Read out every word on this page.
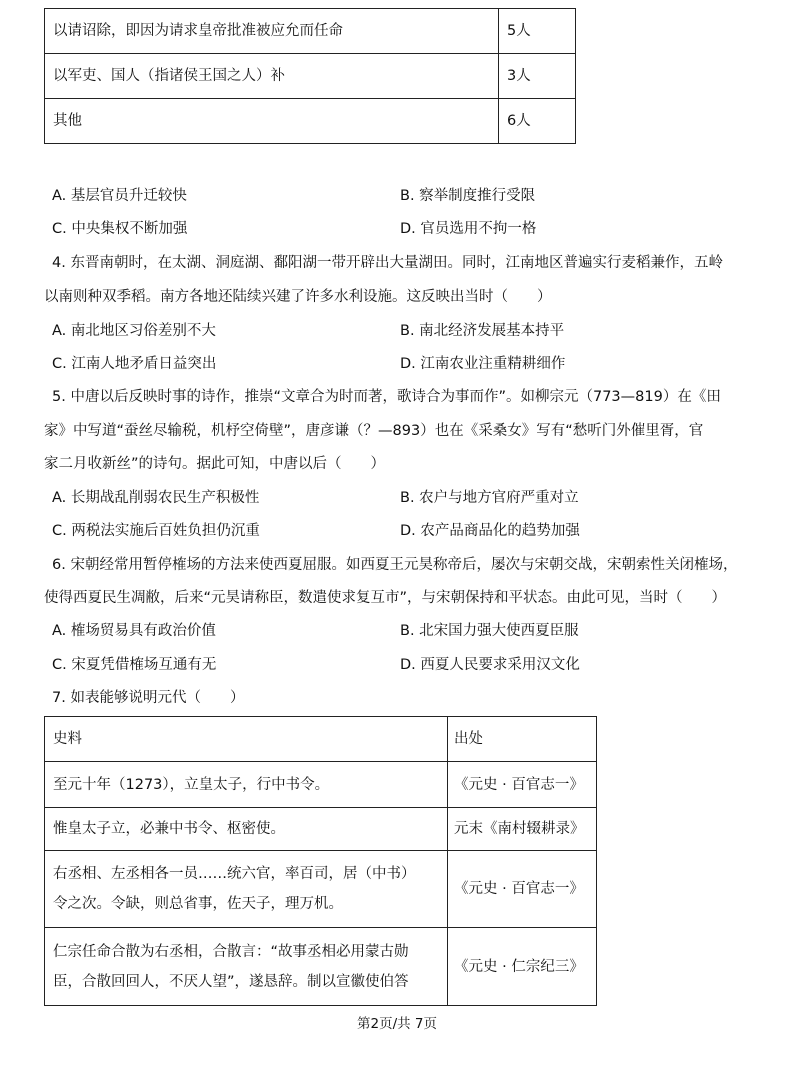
以请诏除，即因为请求皇帝批准被应允而任命	5人
以军吏、国人（指诸侯王国之人）补	3人
其他	6人
A. 基层官员升迁较快	B. 察举制度推行受限
C. 中央集权不断加强	D. 官员选用不拘一格
4. 东晋南朝时，在太湖、洞庭湖、鄱阳湖一带开辟出大量湖田。同时，江南地区普遍实行麦稻兼作，五岭
以南则种双季稻。南方各地还陆续兴建了许多水利设施。这反映出当时（　　）
A. 南北地区习俗差别不大	B. 南北经济发展基本持平
C. 江南人地矛盾日益突出	D. 江南农业注重精耕细作
5. 中唐以后反映时事的诗作，推崇“文章合为时而著，歌诗合为事而作”。如柳宗元（773—819）在《田
家》中写道“蚕丝尽输税，机杼空倚壁”，唐彦谦（？—893）也在《采桑女》写有“愁听门外催里胥，官
家二月收新丝”的诗句。据此可知，中唐以后（　　）
A. 长期战乱削弱农民生产积极性	B. 农户与地方官府严重对立
C. 两税法实施后百姓负担仍沉重	D. 农产品商品化的趋势加强
6. 宋朝经常用暂停榷场的方法来使西夏屈服。如西夏王元昊称帝后，屡次与宋朝交战，宋朝索性关闭榷场，
使得西夏民生凋敝，后来“元昊请称臣，数遣使求复互市”，与宋朝保持和平状态。由此可见，当时（　　）
A. 榷场贸易具有政治价值	B. 北宋国力强大使西夏臣服
C. 宋夏凭借榷场互通有无	D. 西夏人民要求采用汉文化
7. 如表能够说明元代（　　）
史料	出处
至元十年（1273），立皇太子，行中书令。	《元史 · 百官志一》
惟皇太子立，必兼中书令、枢密使。	元末《南村辍耕录》

右丞相、左丞相各一员……统六官，率百司，居（中书）
令之次。令缺，则总省事，佐天子，理万机。	《元史 · 百官志一》

仁宗任命合散为右丞相，合散言：“故事丞相必用蒙古勋
臣，合散回回人，不厌人望”，遂恳辞。制以宣徽使伯答	《元史 · 仁宗纪三》
第2页/共 7页
